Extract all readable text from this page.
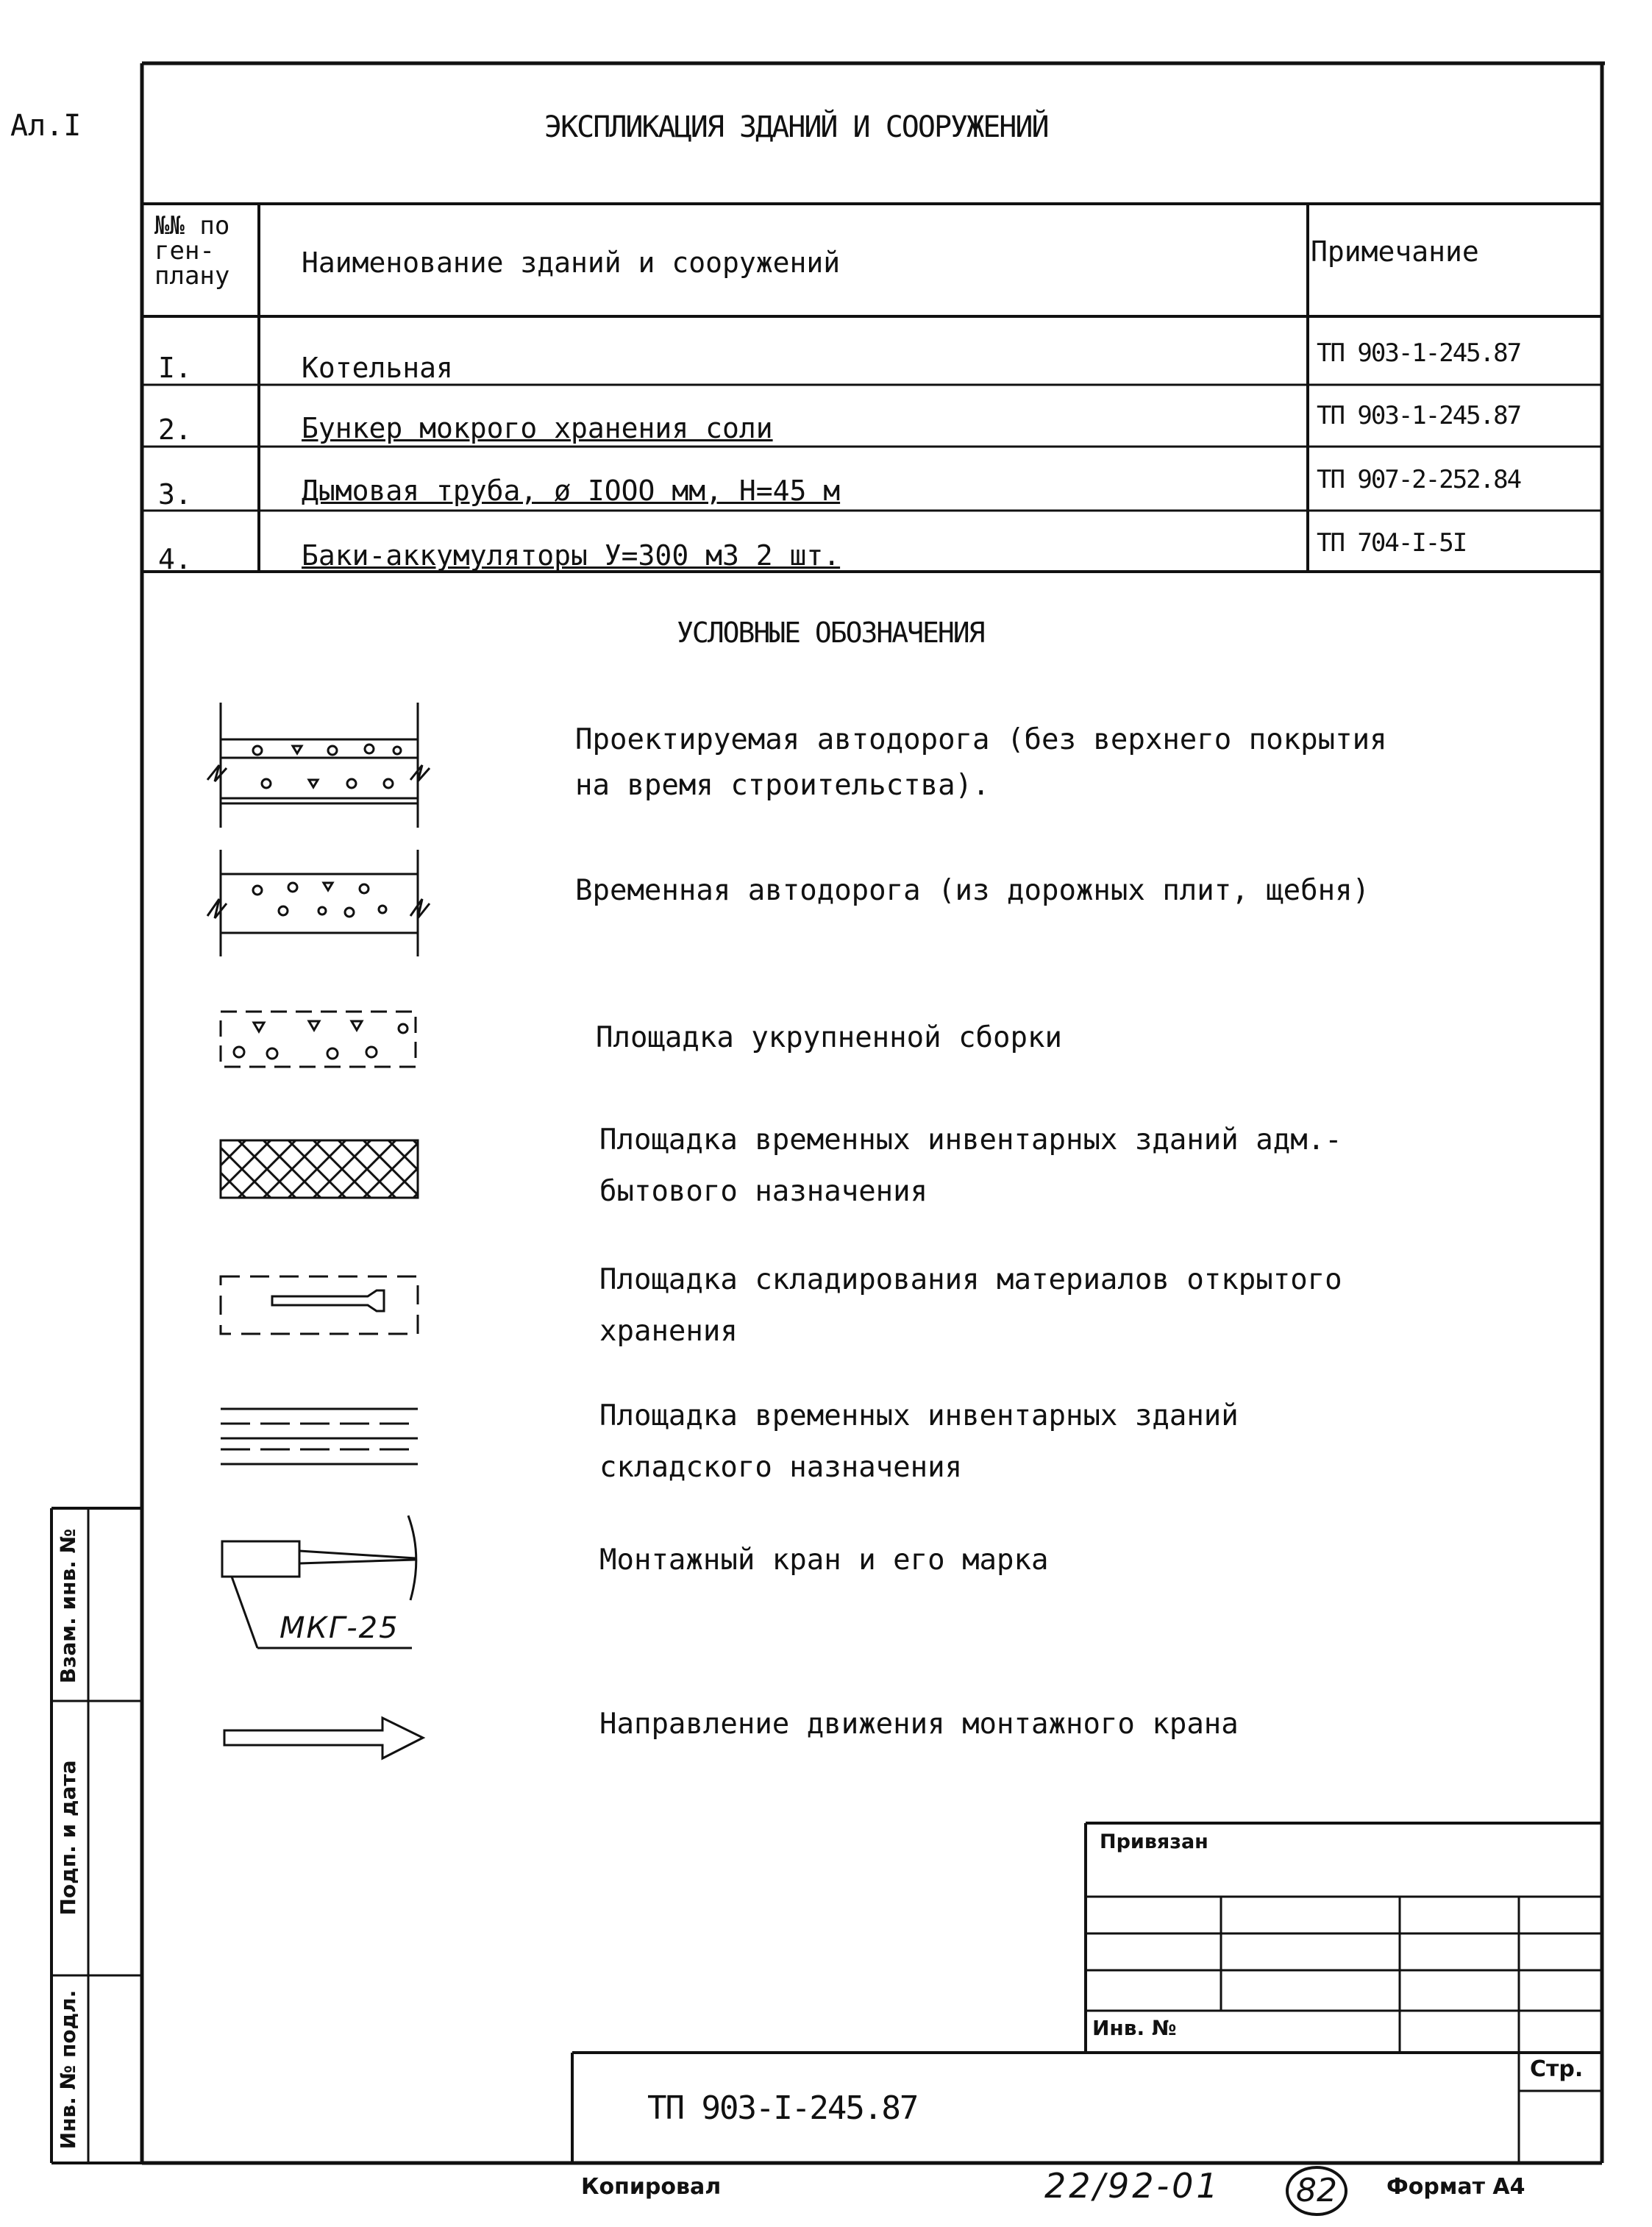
Ал.I	ЭКСПЛИКАЦИЯ ЗДАНИЙ И СООРУЖЕНИЙ
№№ по
ген-
плану	Наименование зданий и сооружений	Примечание
I.	Котельная	ТП 903-1-245.87
2.	Бункер мокрого хранения соли	ТП 903-1-245.87
3.	Дымовая труба, ø IООО мм, H=45 м	ТП 907-2-252.84
4.	Баки-аккумуляторы У=300 м3 2 шт.	ТП 704-I-5I
УСЛОВНЫЕ ОБОЗНАЧЕНИЯ
Проектируемая автодорога (без верхнего покрытия
на время строительства).
Временная автодорога (из дорожных плит, щебня)
Площадка укрупненной сборки
Площадка временных инвентарных зданий адм.-
бытового назначения
Площадка складирования материалов открытого
хранения
Площадка временных инвентарных зданий
складского назначения
Монтажный кран и его марка
МКГ-25
Направление движения монтажного крана
Взам. инв. №
Подп. и дата
Инв. № подл.
Привязан
Инв. №
Стр.
ТП 903-I-245.87
Копировал	22/92-01 82 Формат А4
